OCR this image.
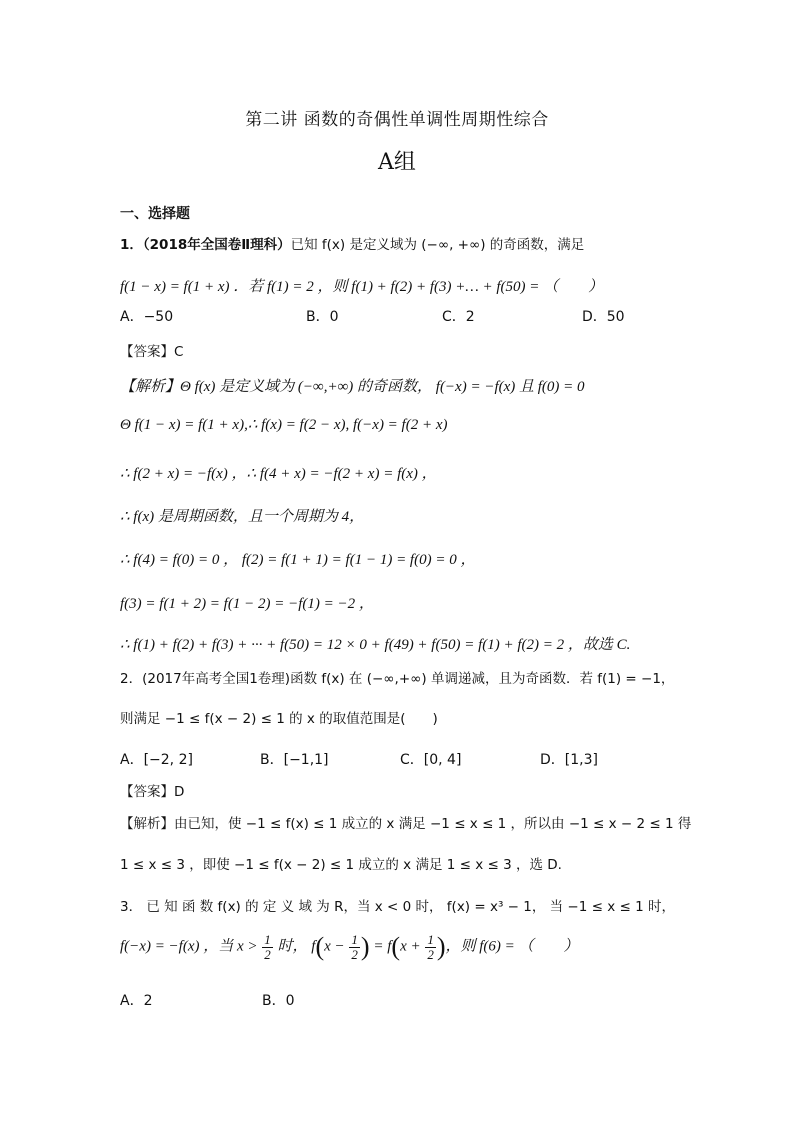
第二讲 函数的奇偶性单调性周期性综合
A组
一、选择题
1．（2018年全国卷Ⅱ理科）已知 f(x) 是定义域为 (−∞, +∞) 的奇函数，满足
f(1 − x) = f(1 + x) ．若 f(1) = 2 ，则 f(1) + f(2) + f(3) +… + f(50) = （　　）
A．−50	B．0	C．2	D．50
【答案】C
【解析】Θ f(x) 是定义域为 (−∞,+∞) 的奇函数， f(−x) = −f(x) 且 f(0) = 0
Θ f(1 − x) = f(1 + x),∴ f(x) = f(2 − x), f(−x) = f(2 + x)
∴ f(2 + x) = −f(x) ，∴ f(4 + x) = −f(2 + x) = f(x) ，
∴ f(x) 是周期函数，且一个周期为 4，
∴ f(4) = f(0) = 0 ， f(2) = f(1 + 1) = f(1 − 1) = f(0) = 0 ，
f(3) = f(1 + 2) = f(1 − 2) = −f(1) = −2 ，
∴ f(1) + f(2) + f(3) + ··· + f(50) = 12 × 0 + f(49) + f(50) = f(1) + f(2) = 2 ，故选 C.
2．(2017年高考全国1卷理)函数 f(x) 在 (−∞,+∞) 单调递减，且为奇函数．若 f(1) = −1，
则满足 −1 ≤ f(x − 2) ≤ 1 的 x 的取值范围是(　　)
A．[−2, 2]	B．[−1,1]	C．[0, 4]	D．[1,3]
【答案】D
【解析】由已知，使 −1 ≤ f(x) ≤ 1 成立的 x 满足 −1 ≤ x ≤ 1 ，所以由 −1 ≤ x − 2 ≤ 1 得
1 ≤ x ≤ 3 ，即使 −1 ≤ f(x − 2) ≤ 1 成立的 x 满足 1 ≤ x ≤ 3 ，选 D.
3． 已 知 函 数 f(x) 的 定 义 域 为 R，当 x < 0 时， f(x) = x³ − 1， 当 −1 ≤ x ≤ 1 时，
f(−x) = −f(x) ，当 $x > \frac{1}{2}$ 时， $f(x - \frac{1}{2}$ ) = $f(x + \frac{1}{2}$ )，则 f(6) = （　　）
A．2	B．0
